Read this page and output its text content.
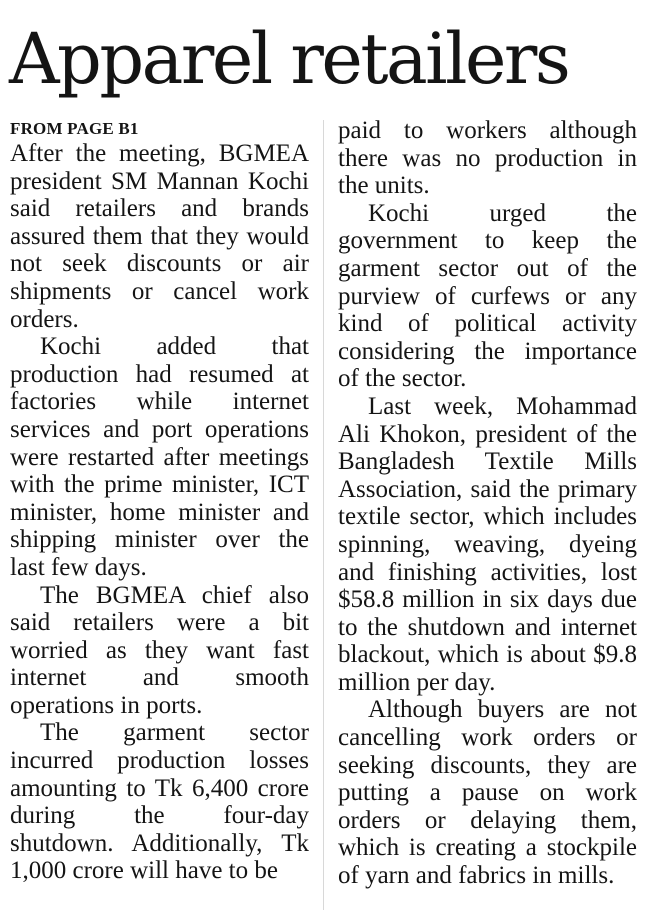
Apparel retailers
FROM PAGE B1

After the meeting, BGMEA president SM Mannan Kochi said retailers and brands assured them that they would not seek discounts or air shipments or cancel work orders.

Kochi added that production had resumed at factories while internet services and port operations were restarted after meetings with the prime minister, ICT minister, home minister and shipping minister over the last few days.

The BGMEA chief also said retailers were a bit worried as they want fast internet and smooth operations in ports.

The garment sector incurred production losses amounting to Tk 6,400 crore during the four-day shutdown. Additionally, Tk 1,000 crore will have to be

paid to workers although there was no production in the units.

Kochi urged the government to keep the garment sector out of the purview of curfews or any kind of political activity considering the importance of the sector.

Last week, Mohammad Ali Khokon, president of the Bangladesh Textile Mills Association, said the primary textile sector, which includes spinning, weaving, dyeing and finishing activities, lost $58.8 million in six days due to the shutdown and internet blackout, which is about $9.8 million per day.

Although buyers are not cancelling work orders or seeking discounts, they are putting a pause on work orders or delaying them, which is creating a stockpile of yarn and fabrics in mills.
